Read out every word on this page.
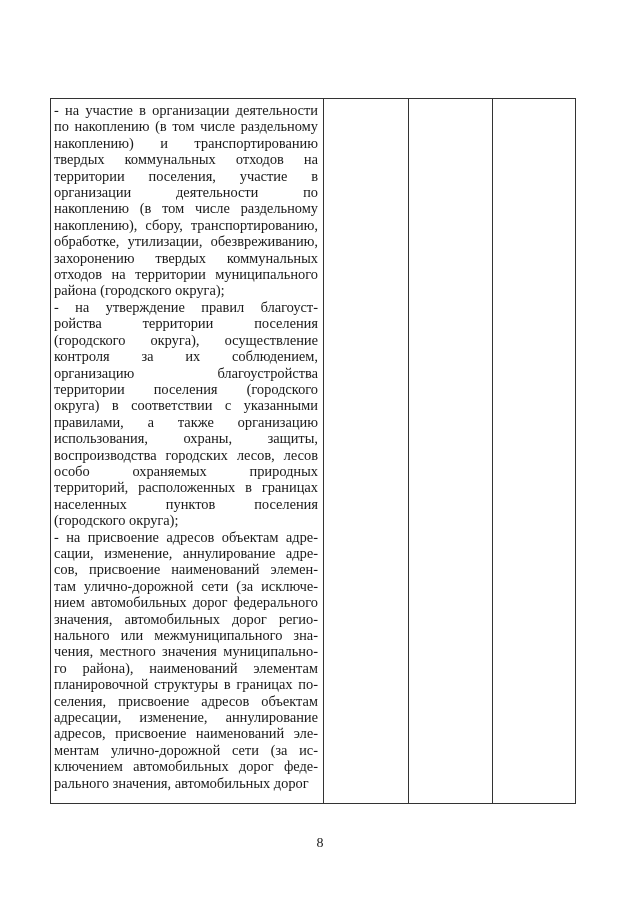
- на участие в организации деятельности
по накоплению (в том числе раздельному
накоплению) и транспортированию
твердых коммунальных отходов на
территории поселения, участие в
организации деятельности по
накоплению (в том числе раздельному
накоплению), сбору, транспортированию,
обработке, утилизации, обезвреживанию,
захоронению твердых коммунальных
отходов на территории муниципального
района (городского округа);
- на утверждение правил благоуст-
ройства территории поселения
(городского округа), осуществление
контроля за их соблюдением,
организацию благоустройства
территории поселения (городского
округа) в соответствии с указанными
правилами, а также организацию
использования, охраны, защиты,
воспроизводства городских лесов, лесов
особо охраняемых природных
территорий, расположенных в границах
населенных пунктов поселения
(городского округа);
- на присвоение адресов объектам адре-
сации, изменение, аннулирование адре-
сов, присвоение наименований элемен-
там улично-дорожной сети (за исключе-
нием автомобильных дорог федерального
значения, автомобильных дорог регио-
нального или межмуниципального зна-
чения, местного значения муниципально-
го района), наименований элементам
планировочной структуры в границах по-
селения, присвоение адресов объектам
адресации, изменение, аннулирование
адресов, присвоение наименований эле-
ментам улично-дорожной сети (за ис-
ключением автомобильных дорог феде-
рального значения, автомобильных дорог
8
